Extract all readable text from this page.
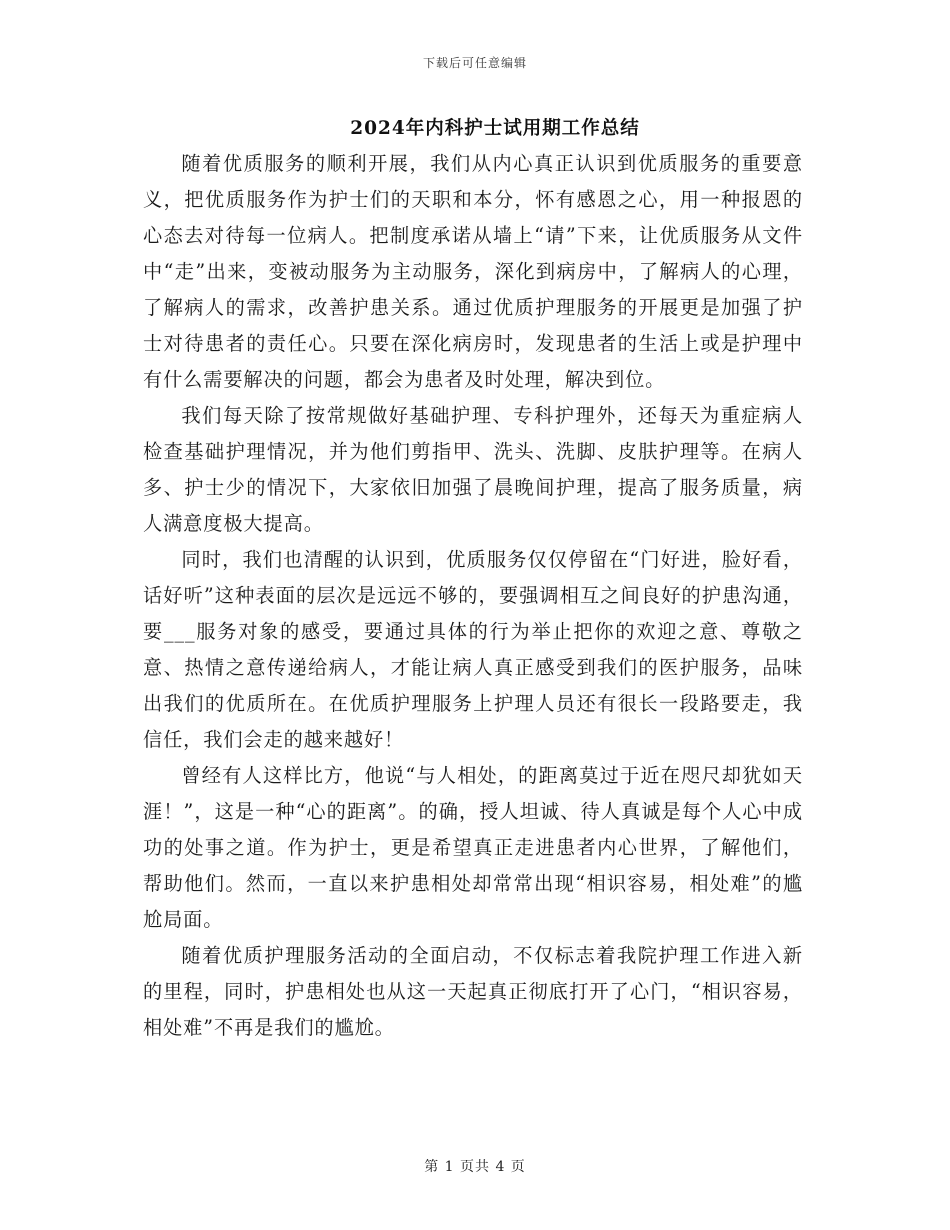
下载后可任意编辑
2024年内科护士试用期工作总结

随着优质服务的顺利开展，我们从内心真正认识到优质服务的重要意义，把优质服务作为护士们的天职和本分，怀有感恩之心，用一种报恩的心态去对待每一位病人。把制度承诺从墙上“请”下来，让优质服务从文件中“走”出来，变被动服务为主动服务，深化到病房中，了解病人的心理，了解病人的需求，改善护患关系。通过优质护理服务的开展更是加强了护士对待患者的责任心。只要在深化病房时，发现患者的生活上或是护理中有什么需要解决的问题，都会为患者及时处理，解决到位。

我们每天除了按常规做好基础护理、专科护理外，还每天为重症病人检查基础护理情况，并为他们剪指甲、洗头、洗脚、皮肤护理等。在病人多、护士少的情况下，大家依旧加强了晨晚间护理，提高了服务质量，病人满意度极大提高。

同时，我们也清醒的认识到，优质服务仅仅停留在“门好进，脸好看，话好听”这种表面的层次是远远不够的，要强调相互之间良好的护患沟通，要___服务对象的感受，要通过具体的行为举止把你的欢迎之意、尊敬之意、热情之意传递给病人，才能让病人真正感受到我们的医护服务，品味出我们的优质所在。在优质护理服务上护理人员还有很长一段路要走，我信任，我们会走的越来越好！

曾经有人这样比方，他说“与人相处，的距离莫过于近在咫尺却犹如天涯！”，这是一种“心的距离”。的确，授人坦诚、待人真诚是每个人心中成功的处事之道。作为护士，更是希望真正走进患者内心世界，了解他们，帮助他们。然而，一直以来护患相处却常常出现“相识容易，相处难”的尴尬局面。

随着优质护理服务活动的全面启动，不仅标志着我院护理工作进入新的里程，同时，护患相处也从这一天起真正彻底打开了心门，“相识容易，相处难”不再是我们的尴尬。

第 1 页共 4 页
